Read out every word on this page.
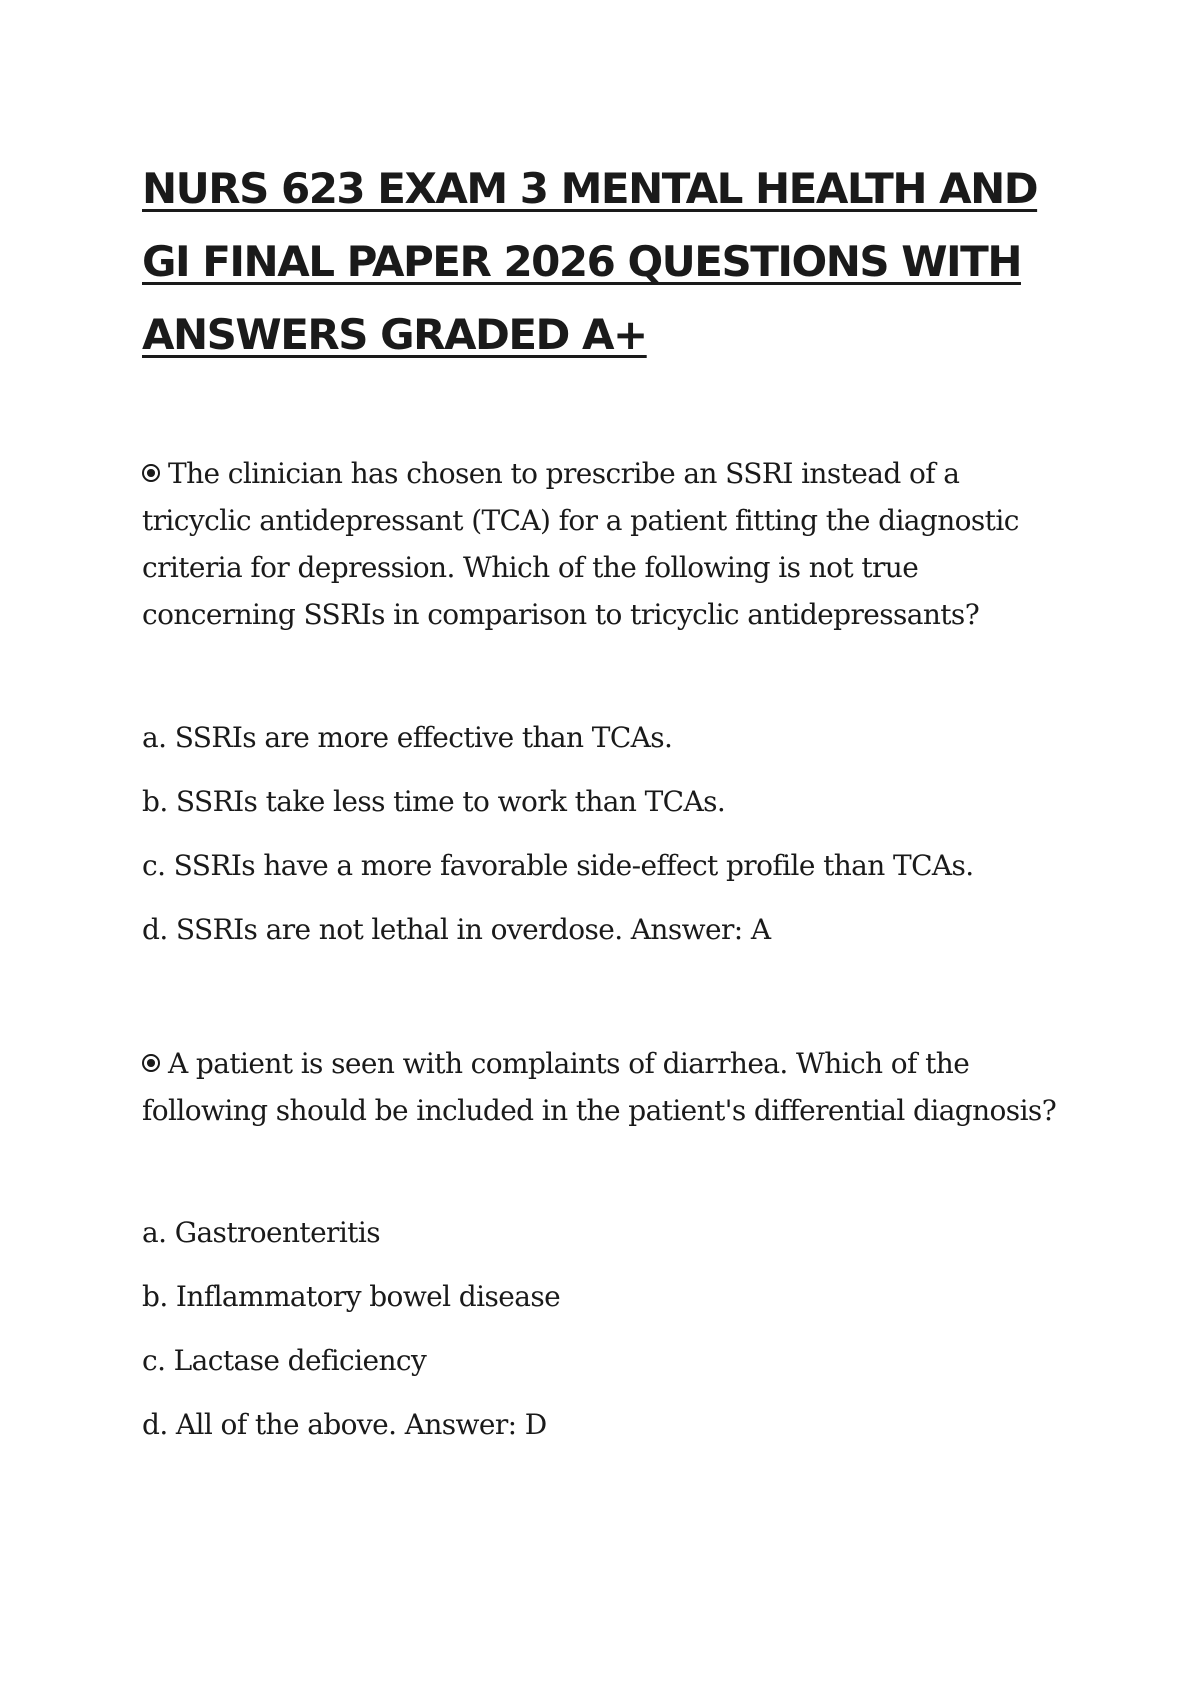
NURS 623 EXAM 3 MENTAL HEALTH AND GI FINAL PAPER 2026 QUESTIONS WITH ANSWERS GRADED A+

The clinician has chosen to prescribe an SSRI instead of a tricyclic antidepressant (TCA) for a patient fitting the diagnostic criteria for depression. Which of the following is not true concerning SSRIs in comparison to tricyclic antidepressants?

a. SSRIs are more effective than TCAs.
b. SSRIs take less time to work than TCAs.
c. SSRIs have a more favorable side-effect profile than TCAs.
d. SSRIs are not lethal in overdose. Answer: A

A patient is seen with complaints of diarrhea. Which of the following should be included in the patient's differential diagnosis?

a. Gastroenteritis
b. Inflammatory bowel disease
c. Lactase deficiency
d. All of the above. Answer: D
